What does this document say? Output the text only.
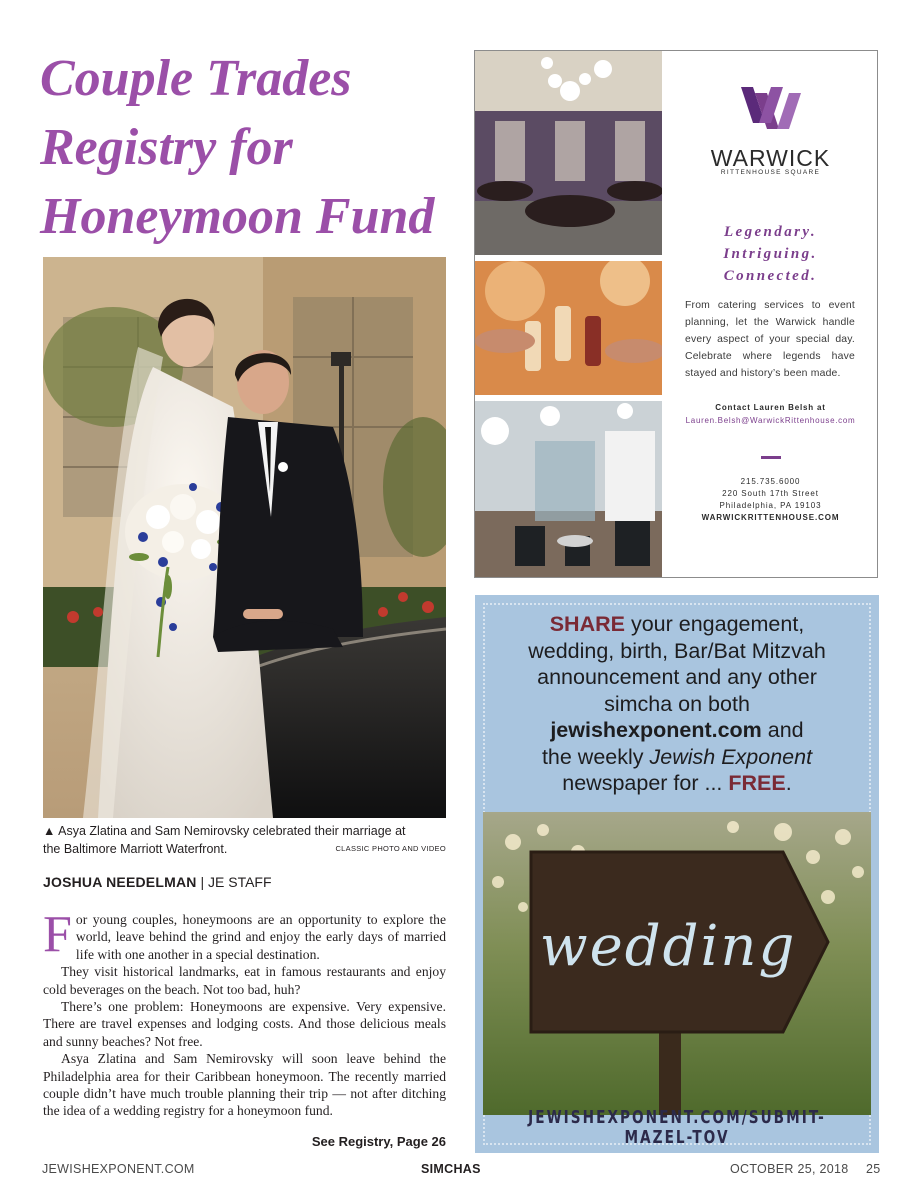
Couple Trades
Registry for
Honeymoon Fund
▲ Asya Zlatina and Sam Nemirovsky celebrated their marriage at
the Baltimore Marriott Waterfront.	CLASSIC PHOTO AND VIDEO
JOSHUA NEEDELMAN | JE STAFF

For young couples, honeymoons are an opportunity to explore the world, leave behind the grind and enjoy the early days of married life with one another in a special destination.

They visit historical landmarks, eat in famous restaurants and enjoy cold beverages on the beach. Not too bad, huh?

There’s one problem: Honeymoons are expensive. Very expensive. There are travel expenses and lodging costs. And those delicious meals and sunny beaches? Not free.

Asya Zlatina and Sam Nemirovsky will soon leave behind the Philadelphia area for their Caribbean honeymoon. The recently married couple didn’t have much trouble planning their trip — not after ditching the idea of a wedding registry for a honeymoon fund.

See Registry, Page 26
WARWICK
RITTENHOUSE SQUARE
Legendary.
Intriguing.
Connected.
From catering services to event planning, let the Warwick handle every aspect of your special day. Celebrate where legends have stayed and history’s been made.
Contact Lauren Belsh at
Lauren.Belsh@WarwickRittenhouse.com
215.735.6000
220 South 17th Street
Philadelphia, PA 19103
WARWICKRITTENHOUSE.COM
SHARE your engagement,
wedding, birth, Bar/Bat Mitzvah
announcement and any other
simcha on both
jewishexponent.com and
the weekly Jewish Exponent
newspaper for ... FREE.
wedding
JEWISHEXPONENT.COM/SUBMIT-MAZEL-TOV
JEWISHEXPONENT.COM	SIMCHAS	OCTOBER 25, 2018 25
